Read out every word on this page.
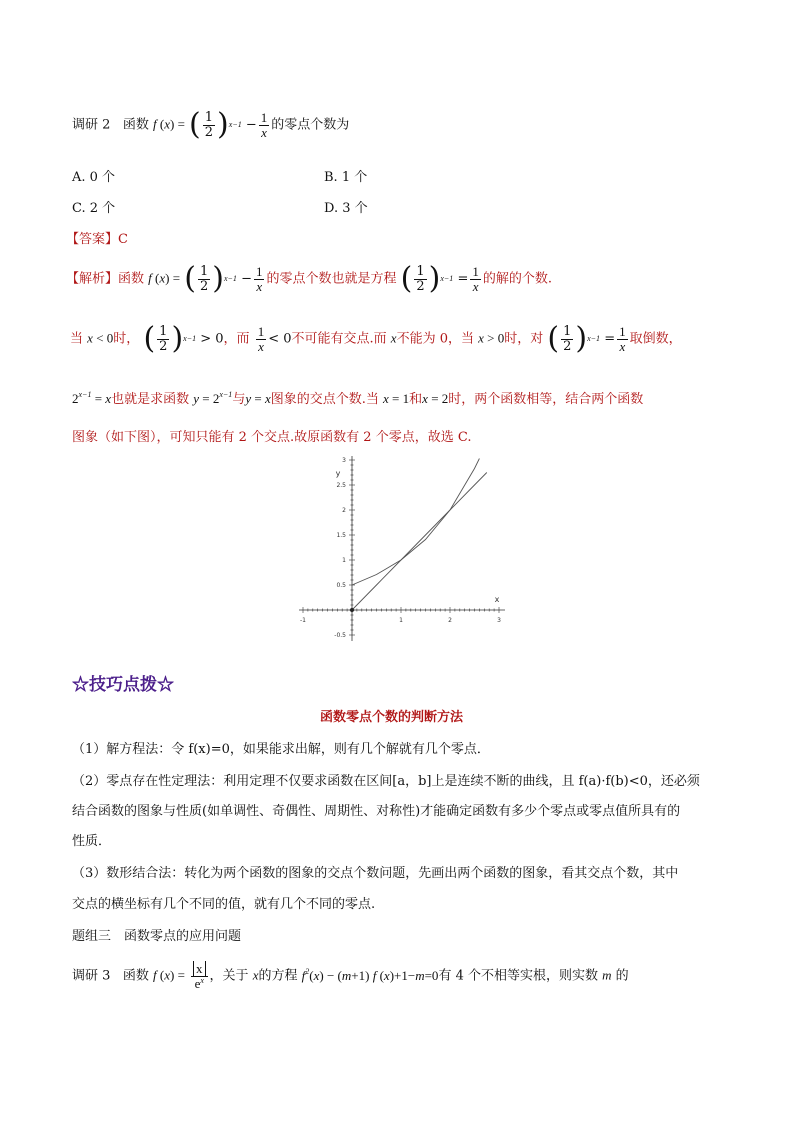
调研 2 函数 f (x) = ( $\frac{1}{2}$ ) $x-1 - \frac{1}{x}$ 的零点个数为
A. 0 个	B. 1 个
C. 2 个	D. 3 个
【答案】C
【解析】函数 f (x) = ( $\frac{1}{2}$ ) $x-1 - \frac{1}{x}$ 的零点个数也就是方程 ( $\frac{1}{2}$ ) $x-1 = \frac{1}{x}$ 的解的个数.
当 x < 0时， ( $\frac{1}{2}$ ) x−1 > 0，而 $\frac{1}{x} < 0$不可能有交点.而 x不能为 0，当 x > 0时，对 ( $\frac{1}{2}$ ) $x-1 = \frac{1}{x}$ 取倒数，
$2^{x-1} = x$也就是求函数 $y = 2^{x-1}$与y = x图象的交点个数.当 x = 1和x = 2时，两个函数相等，结合两个函数
图象（如下图），可知只能有 2 个交点.故原函数有 2 个零点，故选 C.
-1	1	2	3
-0.5
0.5
1
1.5
2
2.5
3
x
y
☆技巧点拨☆
函数零点个数的判断方法
（1）解方程法：令 f(x)=0，如果能求出解，则有几个解就有几个零点．
（2）零点存在性定理法：利用定理不仅要求函数在区间[a，b]上是连续不断的曲线，且 f(a)·f(b)<0，还必须
结合函数的图象与性质(如单调性、奇偶性、周期性、对称性)才能确定函数有多少个零点或零点值所具有的
性质．
（3）数形结合法：转化为两个函数的图象的交点个数问题，先画出两个函数的图象，看其交点个数，其中
交点的横坐标有几个不同的值，就有几个不同的零点.
题组三　函数零点的应用问题
调研 3 函数 f $(x) = \frac{x}{e^x}$ ，关于 x的方程 $f^2(x) - (m+1)$ f (x)+1−m=0有 4 个不相等实根，则实数 m 的
